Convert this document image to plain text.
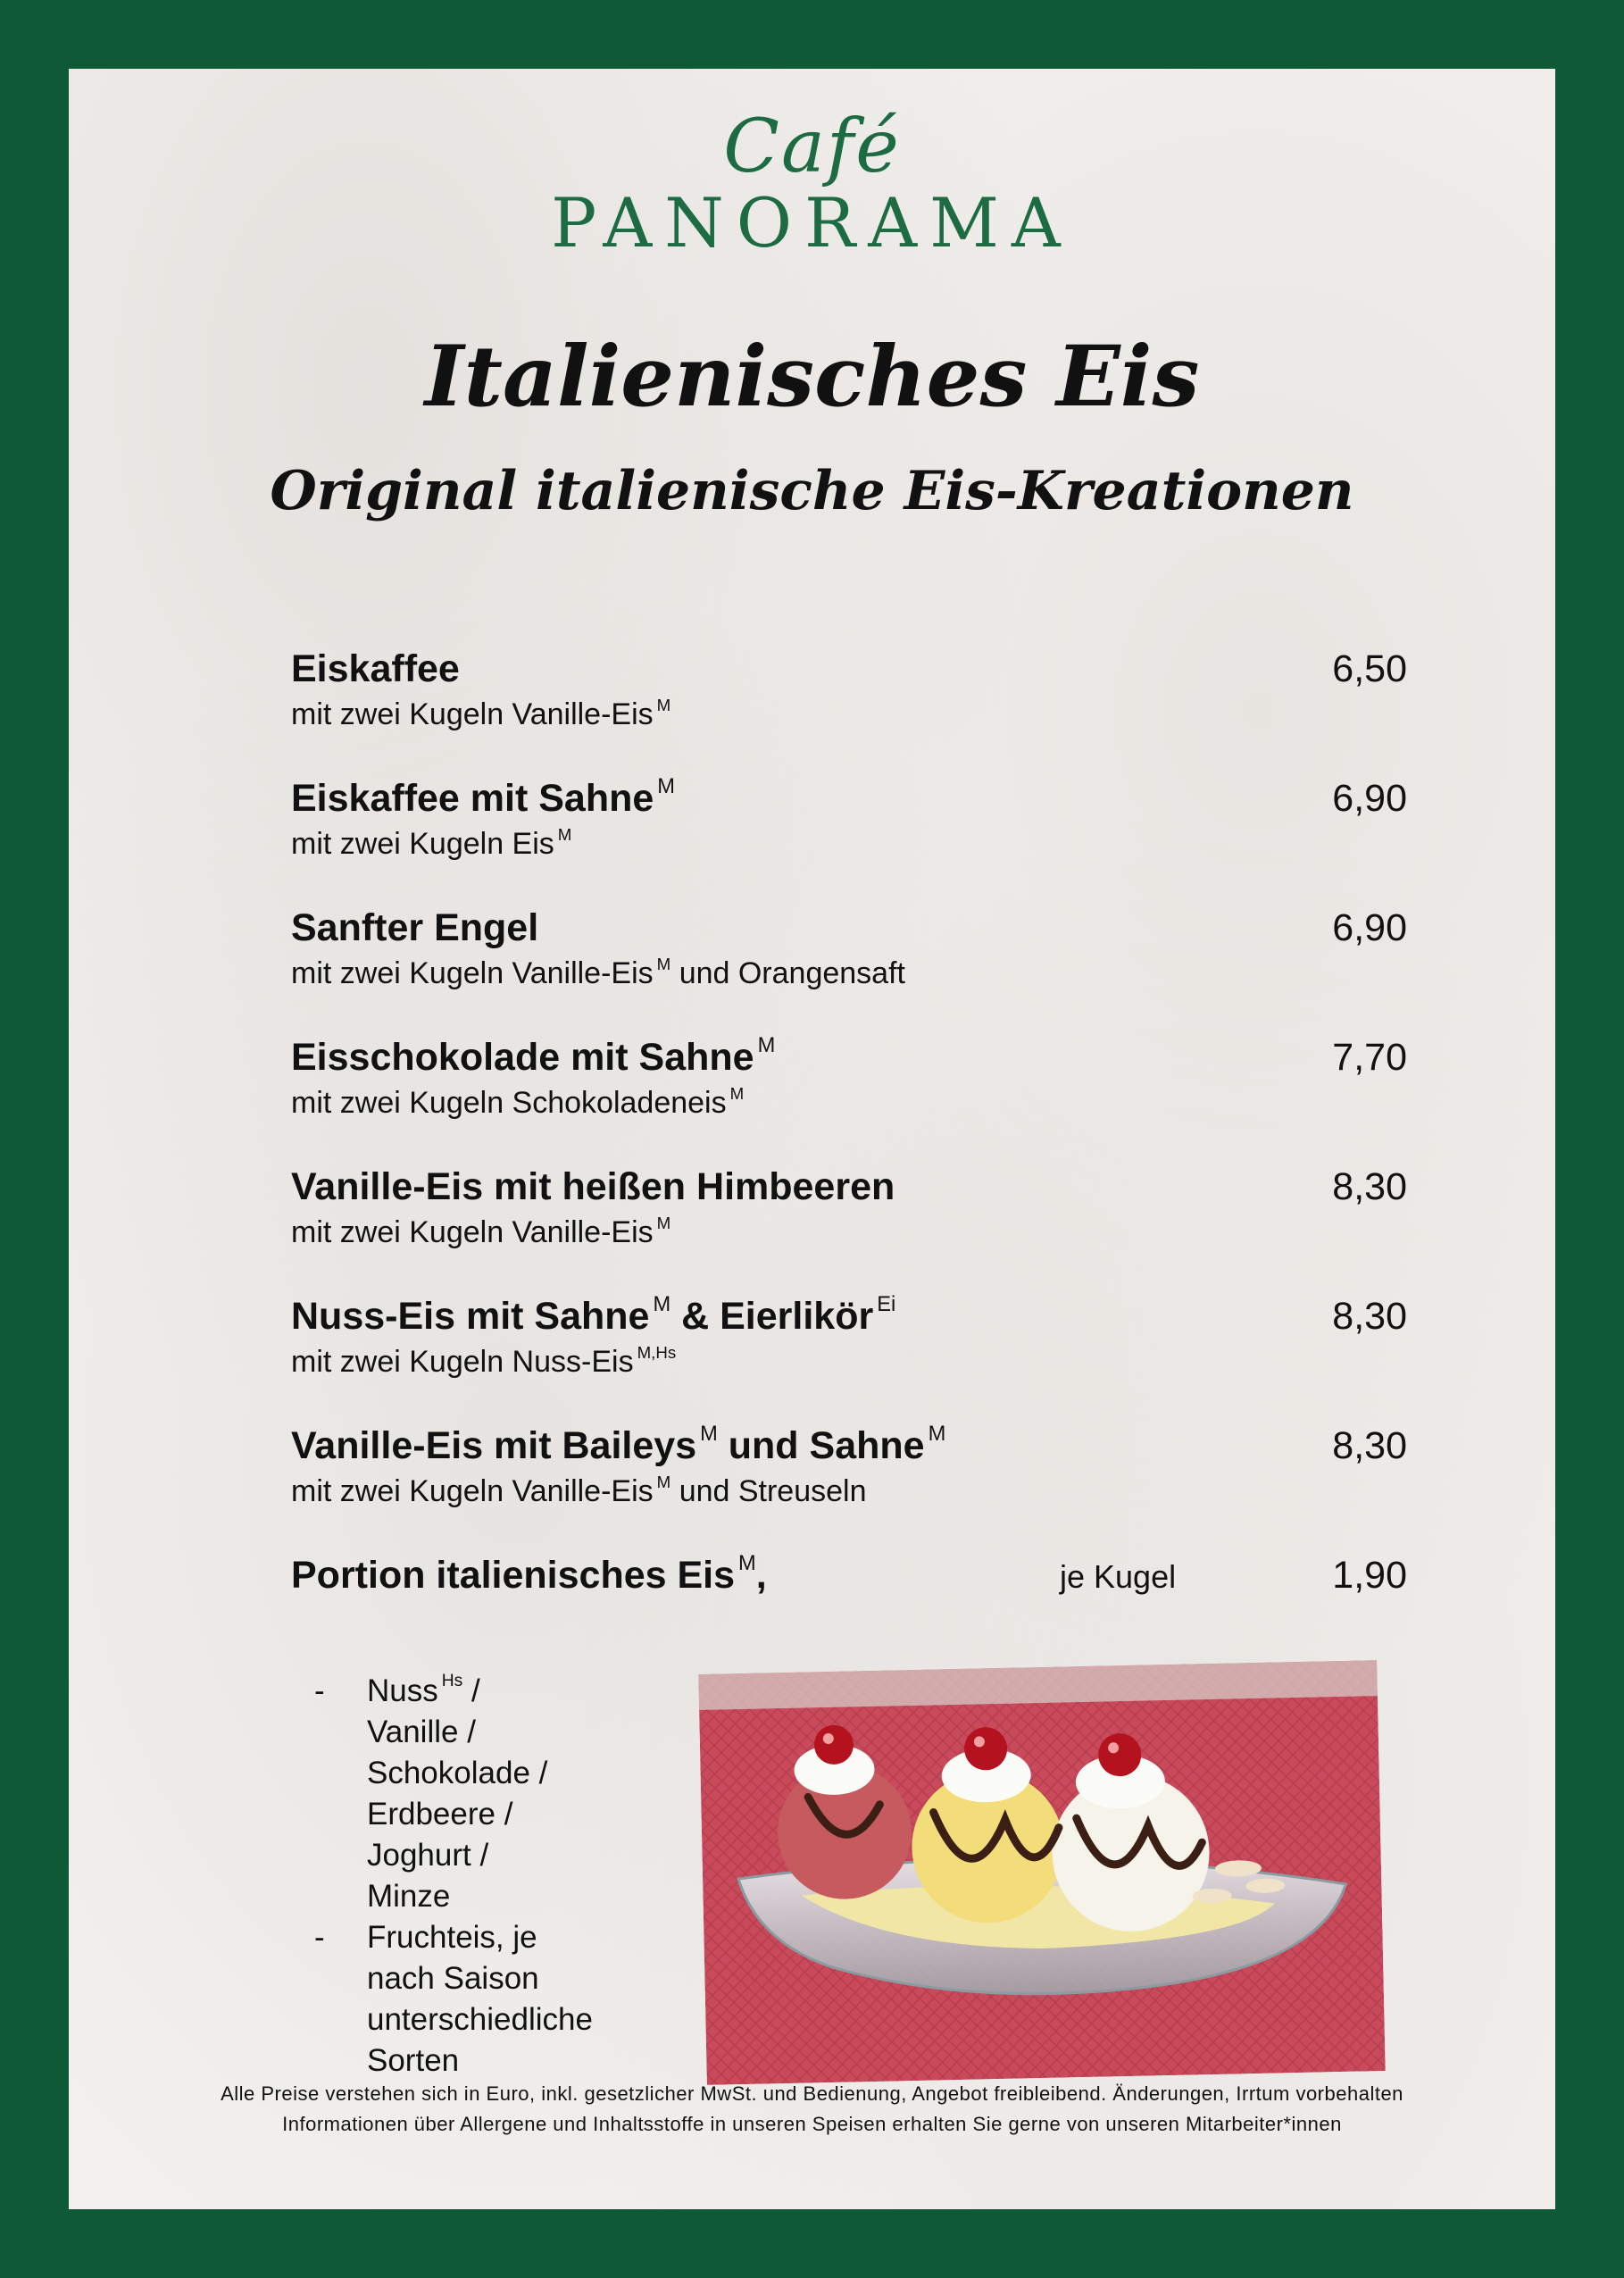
Café
PANORAMA
Italienisches Eis
Original italienische Eis-Kreationen
Eiskaffee
mit zwei Kugeln Vanille-Eis $^M$
6,50
Eiskaffee mit Sahne $^M$
mit zwei Kugeln Eis $^M$
6,90
Sanfter Engel
mit zwei Kugeln Vanille-Eis $^M$ und Orangensaft
6,90
Eisschokolade mit Sahne $^M$
mit zwei Kugeln Schokoladeneis $^M$
7,70
Vanille-Eis mit heißen Himbeeren
mit zwei Kugeln Vanille-Eis $^M$
8,30
Nuss-Eis mit Sahne $^M$ & Eierlikör $^{Ei}$
mit zwei Kugeln Nuss-Eis $^{M,Hs}$
8,30
Vanille-Eis mit Baileys $^M$ und Sahne $^M$
mit zwei Kugeln Vanille-Eis $^M$ und Streuseln
8,30
Portion italienisches Eis $^M$,	1,90
je Kugel
- Nuss $^{Hs}$ /
Vanille /
Schokolade /
Erdbeere /
Joghurt /
Minze
- Fruchteis, je
nach Saison
unterschiedliche
Sorten
Alle Preise verstehen sich in Euro, inkl. gesetzlicher MwSt. und Bedienung, Angebot freibleibend. Änderungen, Irrtum vorbehalten
Informationen über Allergene und Inhaltsstoffe in unseren Speisen erhalten Sie gerne von unseren Mitarbeiter*innen
